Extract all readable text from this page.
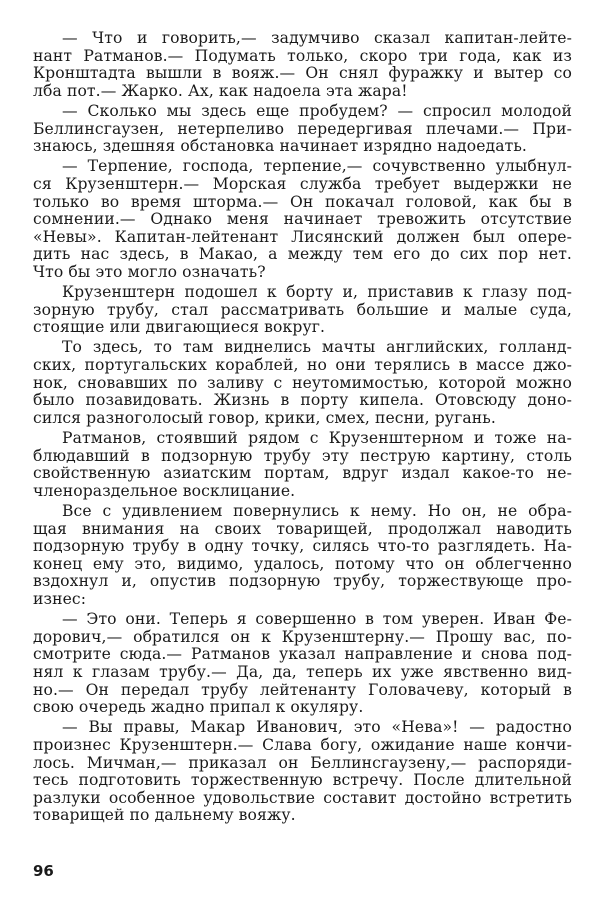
— Что и говорить,— задумчиво сказал капитан-лейте-
нант Ратманов.— Подумать только, скоро три года, как из
Кронштадта вышли в вояж.— Он снял фуражку и вытер со
лба пот.— Жарко. Ах, как надоела эта жара!
— Сколько мы здесь еще пробудем? — спросил молодой
Беллинсгаузен, нетерпеливо передергивая плечами.— При-
знаюсь, здешняя обстановка начинает изрядно надоедать.
— Терпение, господа, терпение,— сочувственно улыбнул-
ся Крузенштерн.— Морская служба требует выдержки не
только во время шторма.— Он покачал головой, как бы в
сомнении.— Однако меня начинает тревожить отсутствие
«Невы». Капитан-лейтенант Лисянский должен был опере-
дить нас здесь, в Макао, а между тем его до сих пор нет.
Что бы это могло означать?
Крузенштерн подошел к борту и, приставив к глазу под-
зорную трубу, стал рассматривать большие и малые суда,
стоящие или двигающиеся вокруг.
То здесь, то там виднелись мачты английских, голланд-
ских, португальских кораблей, но они терялись в массе джо-
нок, сновавших по заливу с неутомимостью, которой можно
было позавидовать. Жизнь в порту кипела. Отовсюду доно-
сился разноголосый говор, крики, смех, песни, ругань.
Ратманов, стоявший рядом с Крузенштерном и тоже на-
блюдавший в подзорную трубу эту пеструю картину, столь
свойственную азиатским портам, вдруг издал какое-то не-
членораздельное восклицание.
Все с удивлением повернулись к нему. Но он, не обра-
щая внимания на своих товарищей, продолжал наводить
подзорную трубу в одну точку, силясь что-то разглядеть. На-
конец ему это, видимо, удалось, потому что он облегченно
вздохнул и, опустив подзорную трубу, торжествующе про-
изнес:
— Это они. Теперь я совершенно в том уверен. Иван Фе-
дорович,— обратился он к Крузенштерну.— Прошу вас, по-
смотрите сюда.— Ратманов указал направление и снова под-
нял к глазам трубу.— Да, да, теперь их уже явственно вид-
но.— Он передал трубу лейтенанту Головачеву, который в
свою очередь жадно припал к окуляру.
— Вы правы, Макар Иванович, это «Нева»! — радостно
произнес Крузенштерн.— Слава богу, ожидание наше кончи-
лось. Мичман,— приказал он Беллинсгаузену,— распоряди-
тесь подготовить торжественную встречу. После длительной
разлуки особенное удовольствие составит достойно встретить
товарищей по дальнему вояжу.
96
